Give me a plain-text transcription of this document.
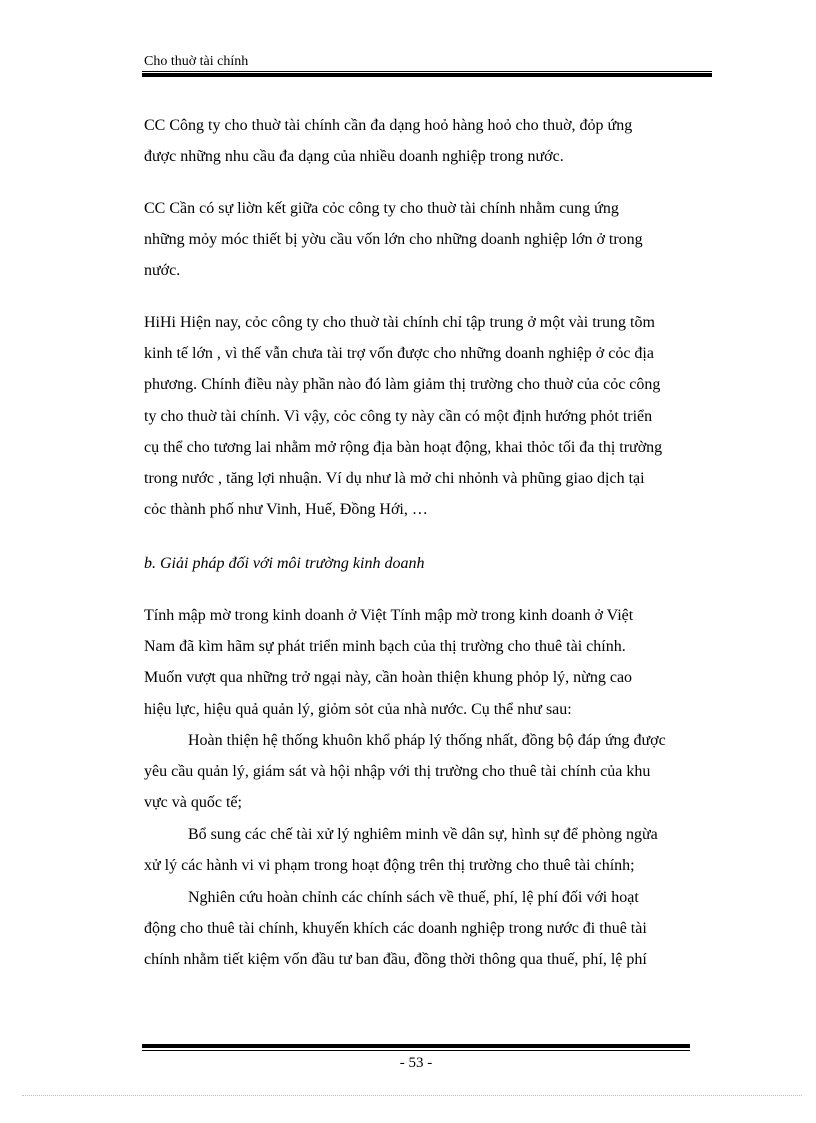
Cho thuờ tài chính

CC Công ty cho thuờ tài chính cần đa dạng hoỏ hàng hoỏ cho thuờ, đỏp ứng
được những nhu cầu đa dạng của nhiều doanh nghiệp trong nước.

CC Cần có sự liờn kết giữa cỏc công ty cho thuờ tài chính nhằm cung ứng
những mỏy móc thiết bị yờu cầu vốn lớn cho những doanh nghiệp lớn ở trong
nước.

HiHi Hiện nay, cỏc công ty cho thuờ tài chính chỉ tập trung ở một vài trung tõm
kinh tế lớn , vì thế vẫn chưa tài trợ vốn được cho những doanh nghiệp ở cỏc địa
phương. Chính điều này phần nào đó làm giảm thị trường cho thuờ của cỏc công
ty cho thuờ tài chính. Vì vậy, cỏc công ty này cần có một định hướng phỏt triển
cụ thể cho tương lai nhằm mở rộng địa bàn hoạt động, khai thỏc tối đa thị trường
trong nước , tăng lợi nhuận. Ví dụ như là mở chi nhỏnh và phũng giao dịch tại
cỏc thành phố như Vinh, Huế, Đồng Hới, …

b. Giải pháp đối với môi trường kinh doanh

Tính mập mờ trong kinh doanh ở Việt Tính mập mờ trong kinh doanh ở Việt
Nam đã kìm hãm sự phát triển minh bạch của thị trường cho thuê tài chính.
Muốn vượt qua những trở ngại này, cần hoàn thiện khung phỏp lý, nừng cao
hiệu lực, hiệu quả quản lý, giỏm sỏt của nhà nước. Cụ thể như sau:

Hoàn thiện hệ thống khuôn khổ pháp lý thống nhất, đồng bộ đáp ứng được
yêu cầu quản lý, giám sát và hội nhập với thị trường cho thuê tài chính của khu
vực và quốc tế;

Bổ sung các chế tài xử lý nghiêm minh về dân sự, hình sự để phòng ngừa
xử lý các hành vi vi phạm trong hoạt động trên thị trường cho thuê tài chính;

Nghiên cứu hoàn chỉnh các chính sách về thuế, phí, lệ phí đối với hoạt
động cho thuê tài chính, khuyến khích các doanh nghiệp trong nước đi thuê tài
chính nhằm tiết kiệm vốn đầu tư ban đầu, đồng thời thông qua thuế, phí, lệ phí

- 53 -
